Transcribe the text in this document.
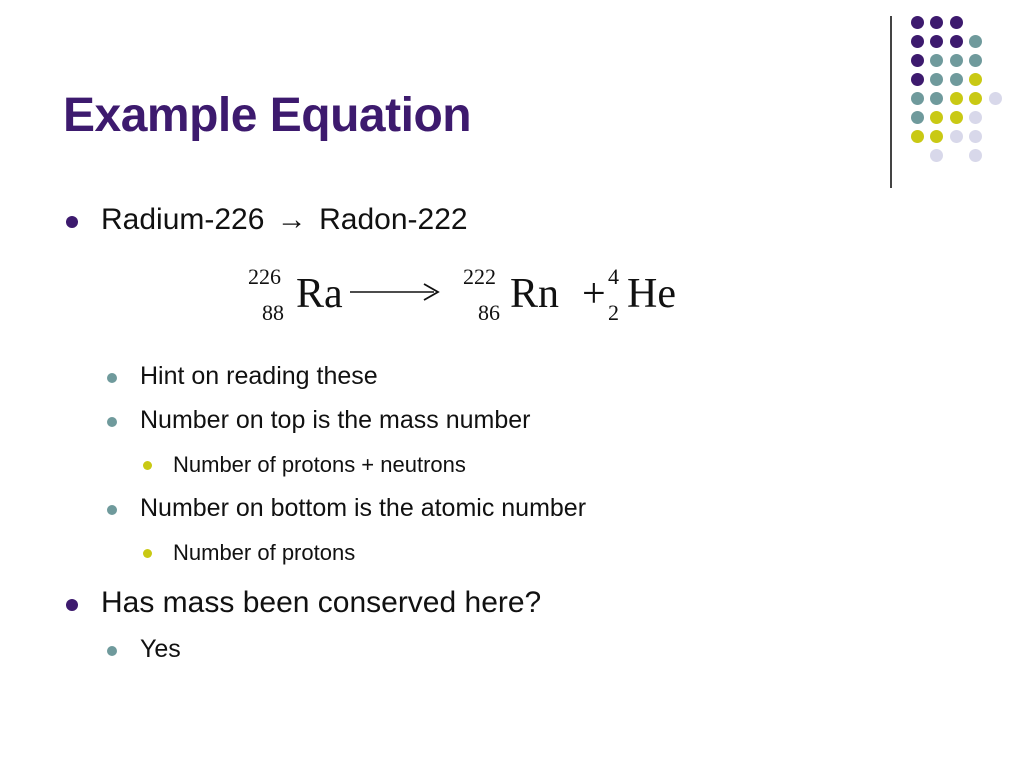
Example Equation
Radium-226 → Radon-222
226
88 Ra	222
86 Rn + 4
2 He
Hint on reading these
Number on top is the mass number
Number of protons + neutrons
Number on bottom is the atomic number
Number of protons
Has mass been conserved here?
Yes
